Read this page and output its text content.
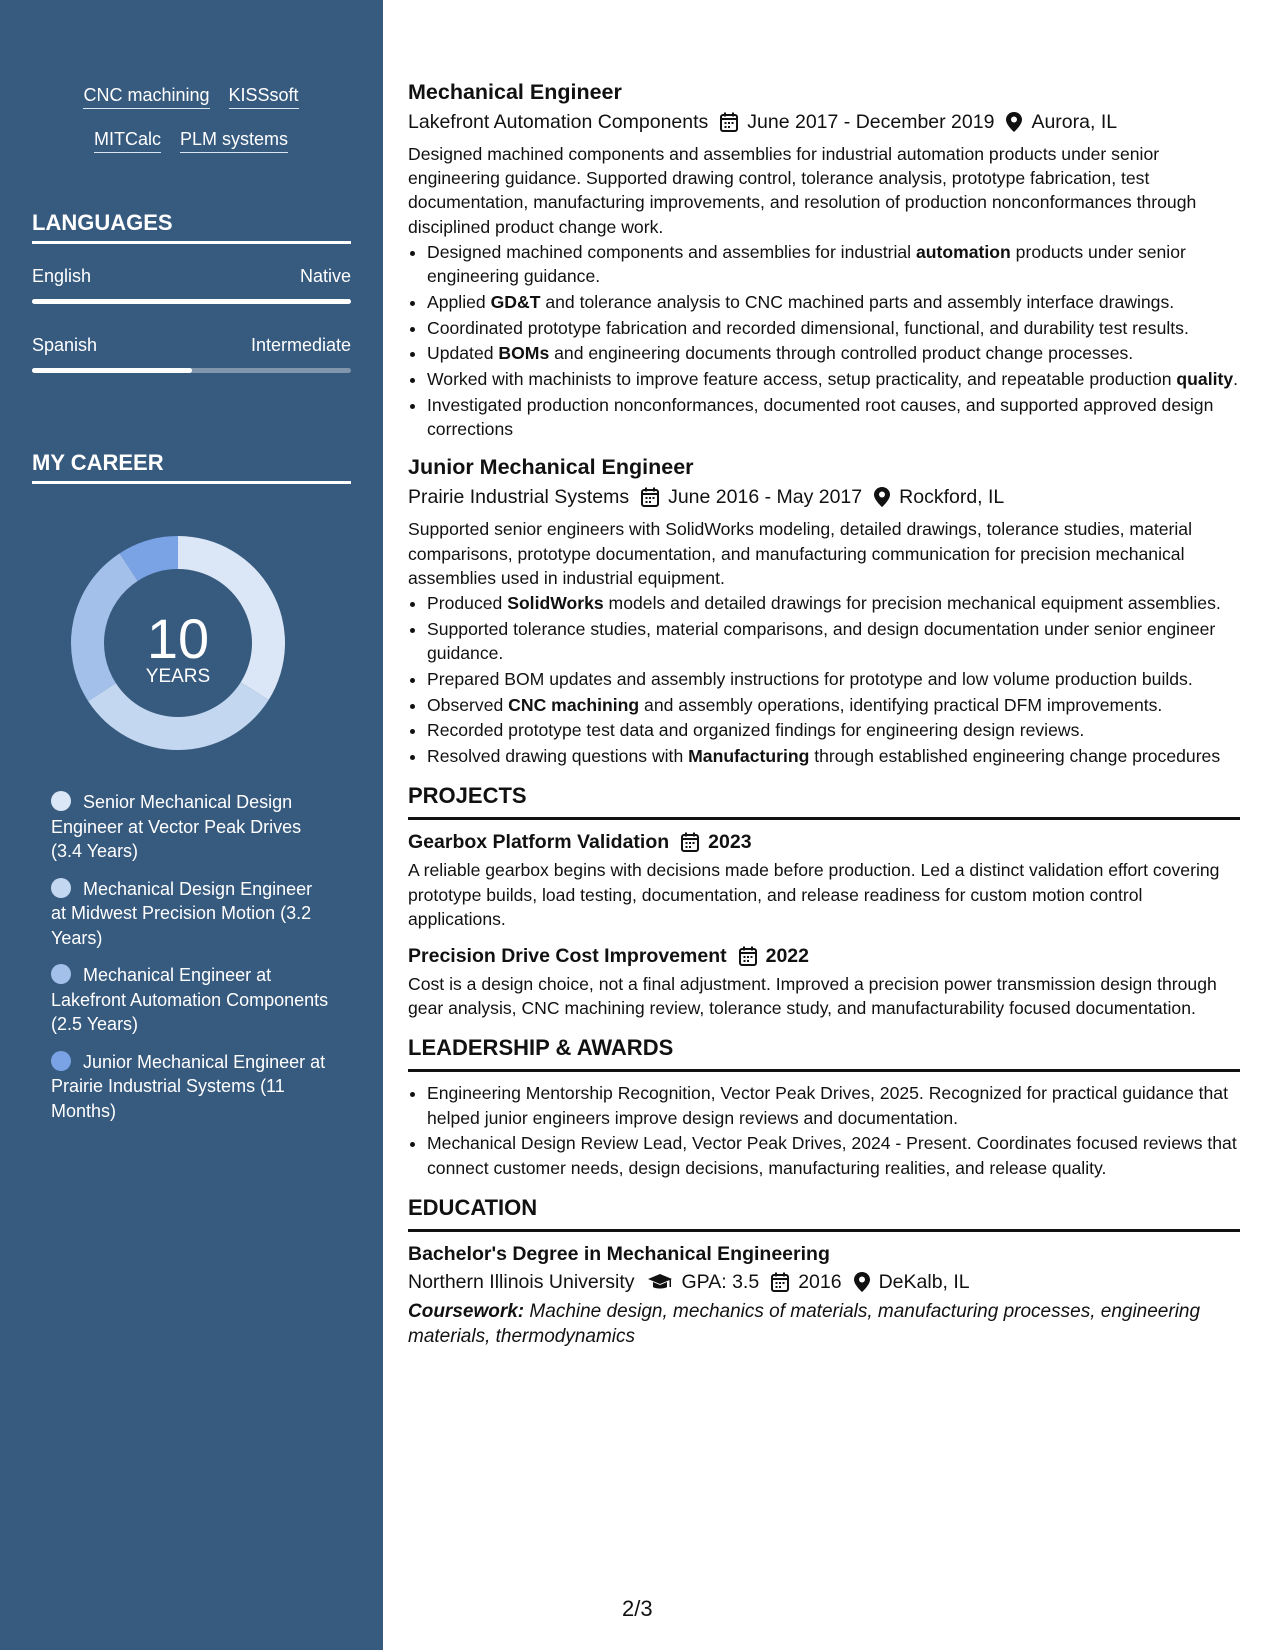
CNC machining KISSsoft
MITCalc PLM systems
LANGUAGES
English	Native
Spanish	Intermediate
MY CAREER
10
YEARS
Senior Mechanical Design Engineer at Vector Peak Drives (3.4 Years)
Mechanical Design Engineer at Midwest Precision Motion (3.2 Years)
Mechanical Engineer at Lakefront Automation Components (2.5 Years)
Junior Mechanical Engineer at Prairie Industrial Systems (11 Months)
Mechanical Engineer
Lakefront Automation Components June 2017 - December 2019 Aurora, IL

Designed machined components and assemblies for industrial automation products under senior engineering guidance. Supported drawing control, tolerance analysis, prototype fabrication, test documentation, manufacturing improvements, and resolution of production nonconformances through disciplined product change work.

• Designed machined components and assemblies for industrial automation products under senior engineering guidance.
• Applied GD&T and tolerance analysis to CNC machined parts and assembly interface drawings.
• Coordinated prototype fabrication and recorded dimensional, functional, and durability test results.
• Updated BOMs and engineering documents through controlled product change processes.
• Worked with machinists to improve feature access, setup practicality, and repeatable production quality.
• Investigated production nonconformances, documented root causes, and supported approved design corrections
Junior Mechanical Engineer
Prairie Industrial Systems June 2016 - May 2017 Rockford, IL

Supported senior engineers with SolidWorks modeling, detailed drawings, tolerance studies, material comparisons, prototype documentation, and manufacturing communication for precision mechanical assemblies used in industrial equipment.

• Produced SolidWorks models and detailed drawings for precision mechanical equipment assemblies.
• Supported tolerance studies, material comparisons, and design documentation under senior engineer guidance.
• Prepared BOM updates and assembly instructions for prototype and low volume production builds.
• Observed CNC machining and assembly operations, identifying practical DFM improvements.
• Recorded prototype test data and organized findings for engineering design reviews.
• Resolved drawing questions with Manufacturing through established engineering change procedures
PROJECTS
Gearbox Platform Validation 2023

A reliable gearbox begins with decisions made before production. Led a distinct validation effort covering prototype builds, load testing, documentation, and release readiness for custom motion control applications.

Precision Drive Cost Improvement 2022

Cost is a design choice, not a final adjustment. Improved a precision power transmission design through gear analysis, CNC machining review, tolerance study, and manufacturability focused documentation.

LEADERSHIP & AWARDS
• Engineering Mentorship Recognition, Vector Peak Drives, 2025. Recognized for practical guidance that helped junior engineers improve design reviews and documentation.
• Mechanical Design Review Lead, Vector Peak Drives, 2024 - Present. Coordinates focused reviews that connect customer needs, design decisions, manufacturing realities, and release quality.
EDUCATION
Bachelor's Degree in Mechanical Engineering
Northern Illinois University GPA: 3.5 2016 DeKalb, IL

Coursework: Machine design, mechanics of materials, manufacturing processes, engineering materials, thermodynamics

2/3
